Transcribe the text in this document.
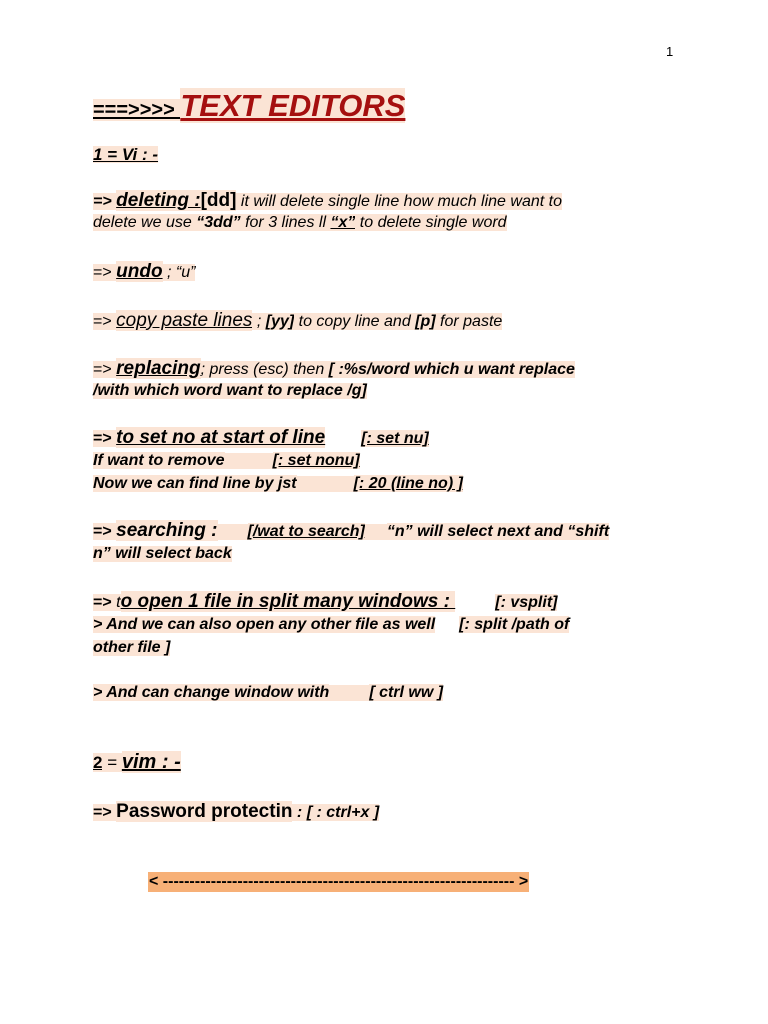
1
===>>>> TEXT EDITORS
1 = Vi : -
=> deleting :[dd] it will delete single line how much line want to
delete we use “3dd” for 3 lines ll “x” to delete single word
=> undo ; “u”
=> copy paste lines ; [yy] to copy line and [p] for paste
=> replacing; press (esc) then [ :%s/word which u want replace
/with which word want to replace /g]
=> to set no at start of line [: set nu]
If want to remove	[: set nonu]
Now we can find line by jst	[: 20 (line no) ]
=> searching : [/wat to search] “n” will select next and “shift
n” will select back
=> to open 1 file in split many windows :	[: vsplit]
> And we can also open any other file as well [: split /path of
other file ]
> And can change window with	[ ctrl ww ]
2 = vim : -
=> Password protectin : [ : ctrl+x ]
< ------------------------------------------------------------------ >
